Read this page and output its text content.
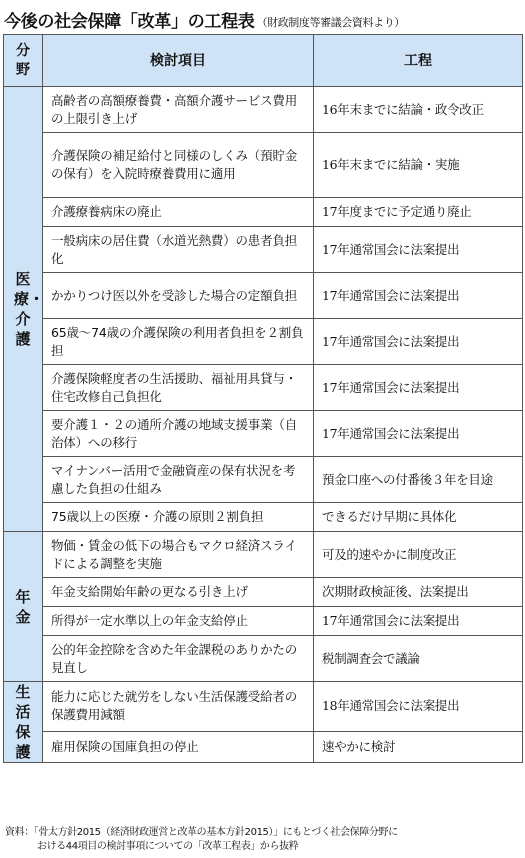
今後の社会保障「改革」の工程表 （財政制度等審議会資料より）
分野	検討項目	工程
医療・介護	高齢者の高額療養費・高額介護サービス費用の上限引き上げ	16年末までに結論・政令改正
	介護保険の補足給付と同様のしくみ（預貯金の保有）を入院時療養費用に適用	16年末までに結論・実施
	介護療養病床の廃止	17年度までに予定通り廃止
	一般病床の居住費（水道光熱費）の患者負担化	17年通常国会に法案提出
	かかりつけ医以外を受診した場合の定額負担	17年通常国会に法案提出
	65歳～74歳の介護保険の利用者負担を２割負担	17年通常国会に法案提出
	介護保険軽度者の生活援助、福祉用具貸与・住宅改修自己負担化	17年通常国会に法案提出
	要介護１・２の通所介護の地域支援事業（自治体）への移行	17年通常国会に法案提出
	マイナンバー活用で金融資産の保有状況を考慮した負担の仕組み	預金口座への付番後３年を目途
	75歳以上の医療・介護の原則２割負担	できるだけ早期に具体化
年金	物価・賃金の低下の場合もマクロ経済スライドによる調整を実施	可及的速やかに制度改正
	年金支給開始年齢の更なる引き上げ	次期財政検証後、法案提出
	所得が一定水準以上の年金支給停止	17年通常国会に法案提出
	公的年金控除を含めた年金課税のありかたの見直し	税制調査会で議論
生活保護	能力に応じた就労をしない生活保護受給者の保護費用減額	18年通常国会に法案提出
	雇用保険の国庫負担の停止	速やかに検討
資料：「骨太方針2015（経済財政運営と改革の基本方針2015）」にもとづく社会保障分野に
おける44項目の検討事項についての「改革工程表」から抜粋
